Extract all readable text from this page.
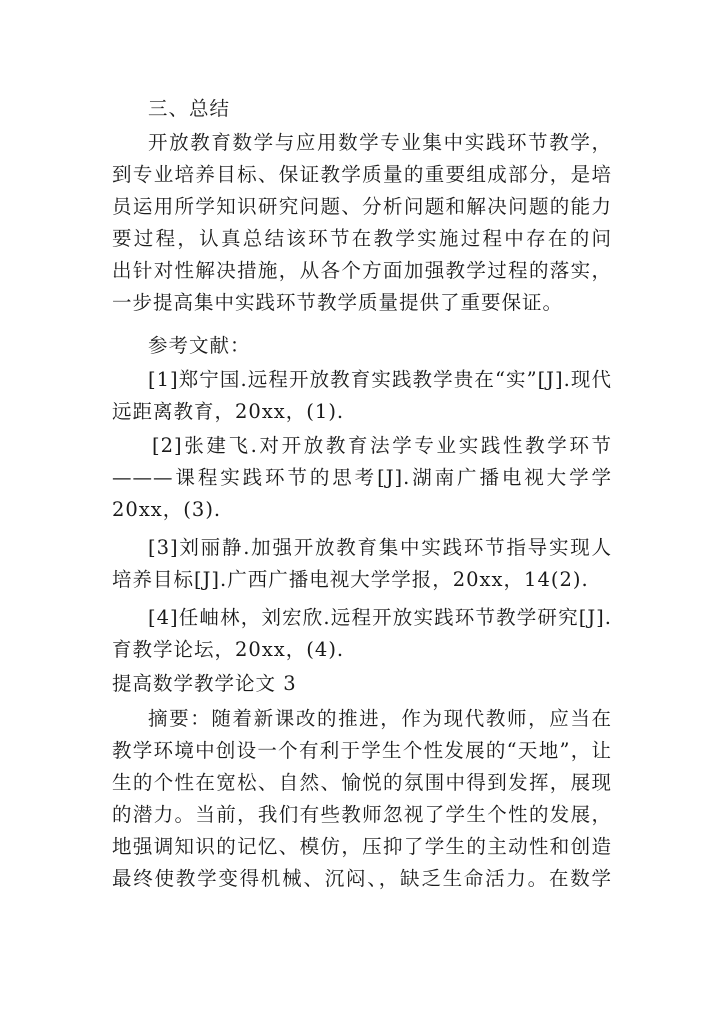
三、总结
开放教育数学与应用数学专业集中实践环节教学，
到专业培养目标、保证教学质量的重要组成部分，是培
员运用所学知识研究问题、分析问题和解决问题的能力
要过程，认真总结该环节在教学实施过程中存在的问
出针对性解决措施，从各个方面加强教学过程的落实，
一步提高集中实践环节教学质量提供了重要保证。
参考文献：
[1]郑宁国.远程开放教育实践教学贵在“实”[J].现代
远距离教育，20xx，(1).
[2]张建飞.对开放教育法学专业实践性教学环节
———课程实践环节的思考[J].湖南广播电视大学学
20xx，(3).
[3]刘丽静.加强开放教育集中实践环节指导实现人
培养目标[J].广西广播电视大学学报，20xx，14(2).
[4]任岫林，刘宏欣.远程开放实践环节教学研究[J].
育教学论坛，20xx，(4).
提高数学教学论文 3
摘要：随着新课改的推进，作为现代教师，应当在
教学环境中创设一个有利于学生个性发展的“天地”，让
生的个性在宽松、自然、愉悦的氛围中得到发挥，展现
的潜力。当前，我们有些教师忽视了学生个性的发展，
地强调知识的记忆、模仿，压抑了学生的主动性和创造
最终使教学变得机械、沉闷、，缺乏生命活力。在数学
